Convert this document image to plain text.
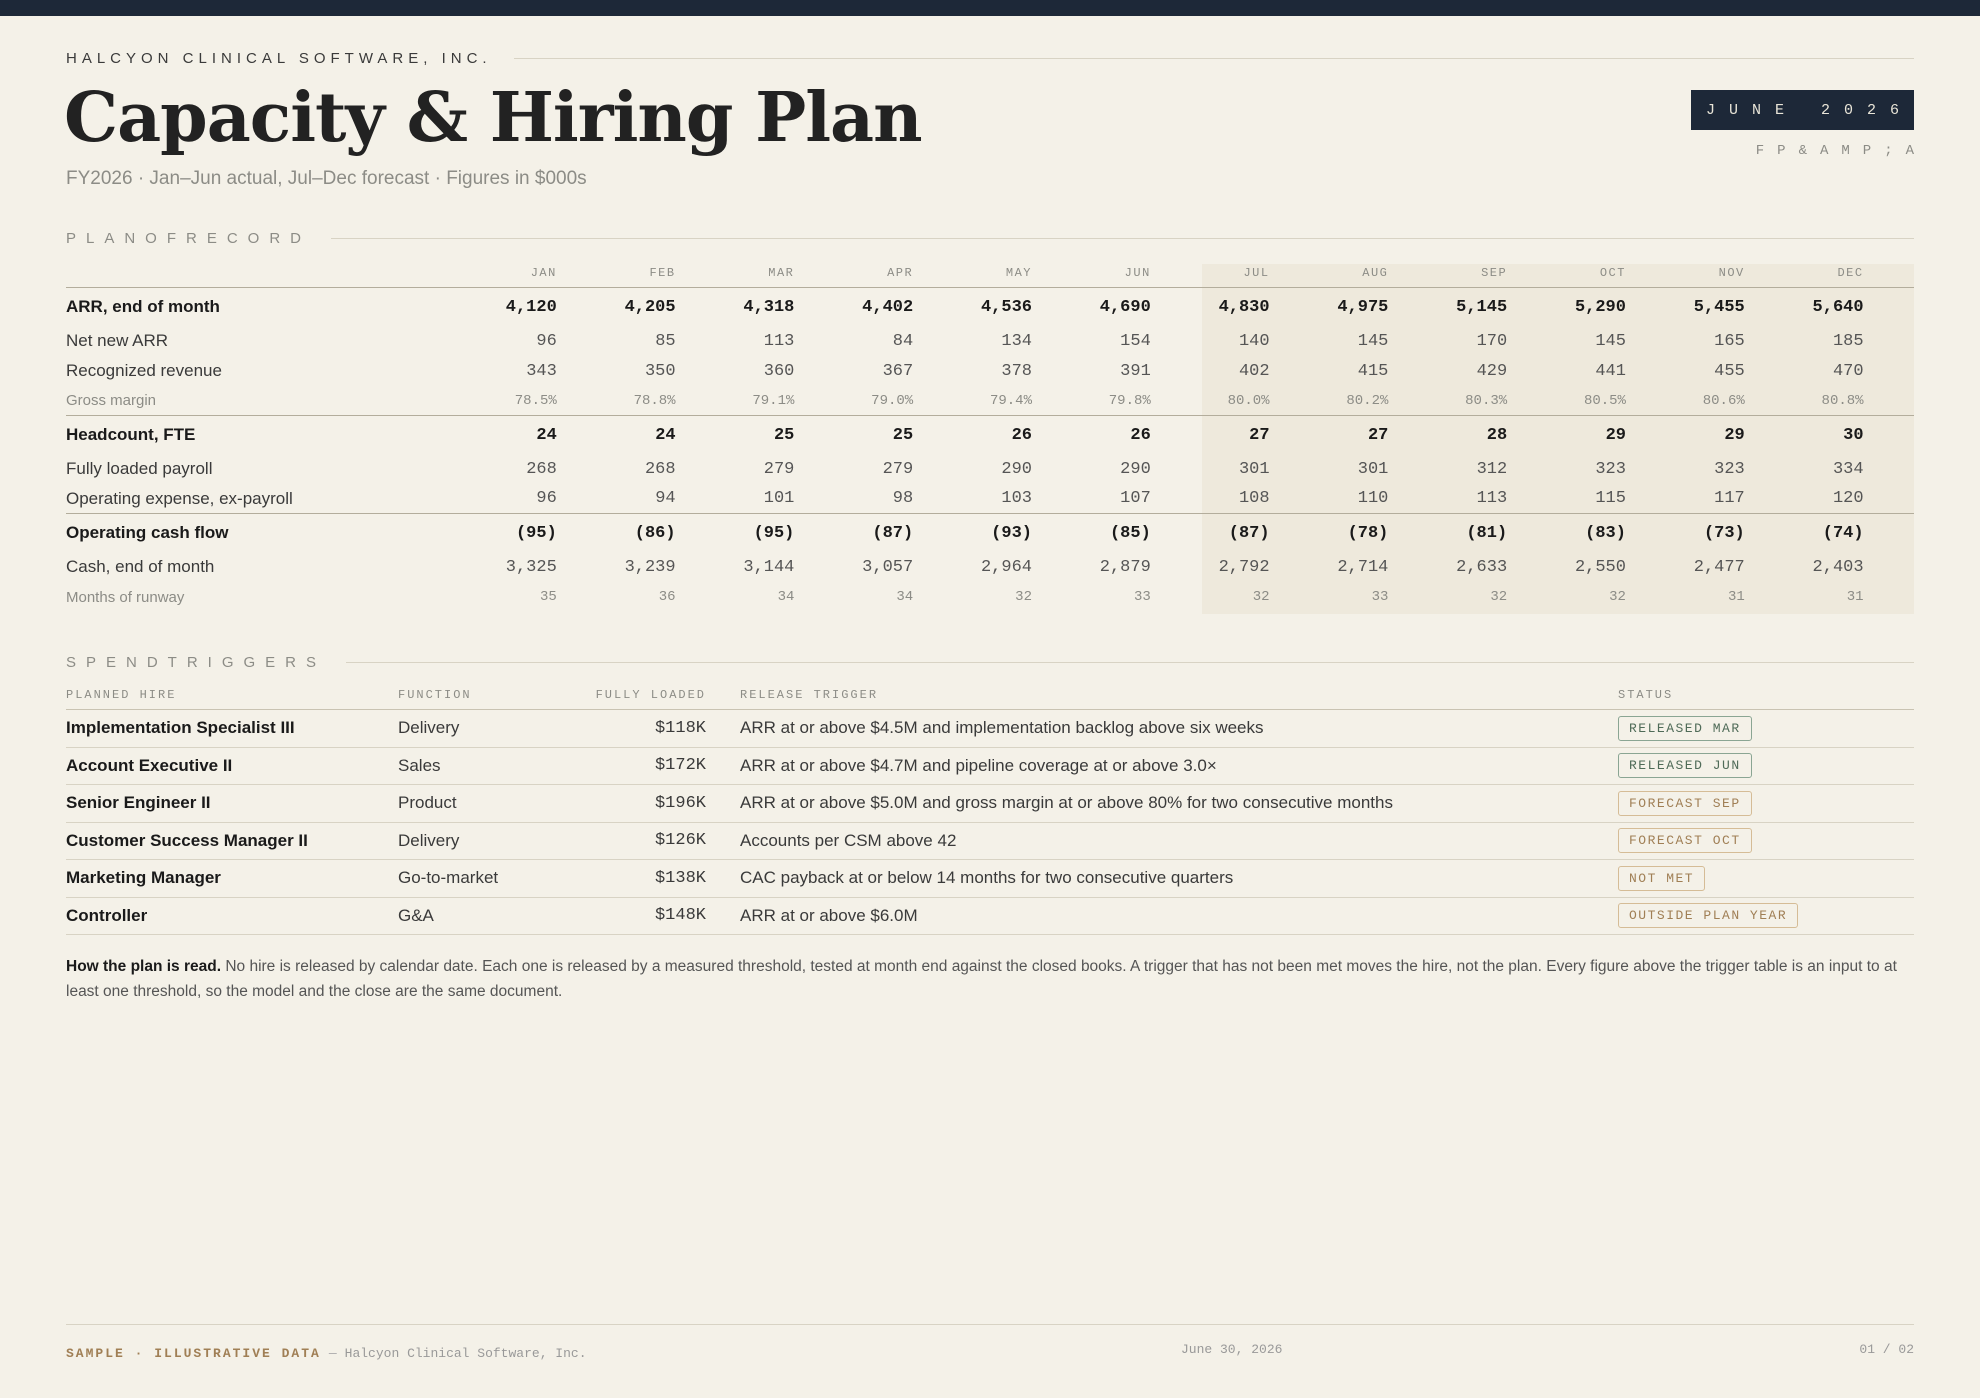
HALCYON CLINICAL SOFTWARE, INC.
Capacity & Hiring Plan
FY2026 · Jan–Jun actual, Jul–Dec forecast · Figures in $000s
JUNE 2026
FP&AMP;A
PLANOFRECORD
JAN	FEB	MAR	APR	MAY	JUN	JUL	AUG	SEP	OCT	NOV	DEC
ARR, end of month	4,120	4,205	4,318	4,402	4,536	4,690	4,830	4,975	5,145	5,290	5,455	5,640
Net new ARR	96	85	113	84	134	154	140	145	170	145	165	185
Recognized revenue	343	350	360	367	378	391	402	415	429	441	455	470
Gross margin	78.5%	78.8%	79.1%	79.0%	79.4%	79.8%	80.0%	80.2%	80.3%	80.5%	80.6%	80.8%
Headcount, FTE	24	24	25	25	26	26	27	27	28	29	29	30
Fully loaded payroll	268	268	279	279	290	290	301	301	312	323	323	334
Operating expense, ex-payroll	96	94	101	98	103	107	108	110	113	115	117	120
Operating cash flow	(95)	(86)	(95)	(87)	(93)	(85)	(87)	(78)	(81)	(83)	(73)	(74)
Cash, end of month	3,325	3,239	3,144	3,057	2,964	2,879	2,792	2,714	2,633	2,550	2,477	2,403
Months of runway	35	36	34	34	32	33	32	33	32	32	31	31
SPENDTRIGGERS
PLANNED HIRE	FUNCTION	FULLY LOADED	RELEASE TRIGGER	STATUS
Implementation Specialist III	Delivery	$118K	ARR at or above $4.5M and implementation backlog above six weeks	RELEASED MAR
Account Executive II	Sales	$172K	ARR at or above $4.7M and pipeline coverage at or above 3.0×	RELEASED JUN
Senior Engineer II	Product	$196K	ARR at or above $5.0M and gross margin at or above 80% for two consecutive months	FORECAST SEP
Customer Success Manager II	Delivery	$126K	Accounts per CSM above 42	FORECAST OCT
Marketing Manager	Go-to-market	$138K	CAC payback at or below 14 months for two consecutive quarters	NOT MET
Controller	G&A	$148K	ARR at or above $6.0M	OUTSIDE PLAN YEAR

How the plan is read. No hire is released by calendar date. Each one is released by a measured threshold, tested at month end against the closed books. A trigger that has not been met moves the hire, not the plan. Every figure above the trigger table is an input to at least one threshold, so the model and the close are the same document.

SAMPLE · ILLUSTRATIVE DATA — Halcyon Clinical Software, Inc.	June 30, 2026	01 / 02
